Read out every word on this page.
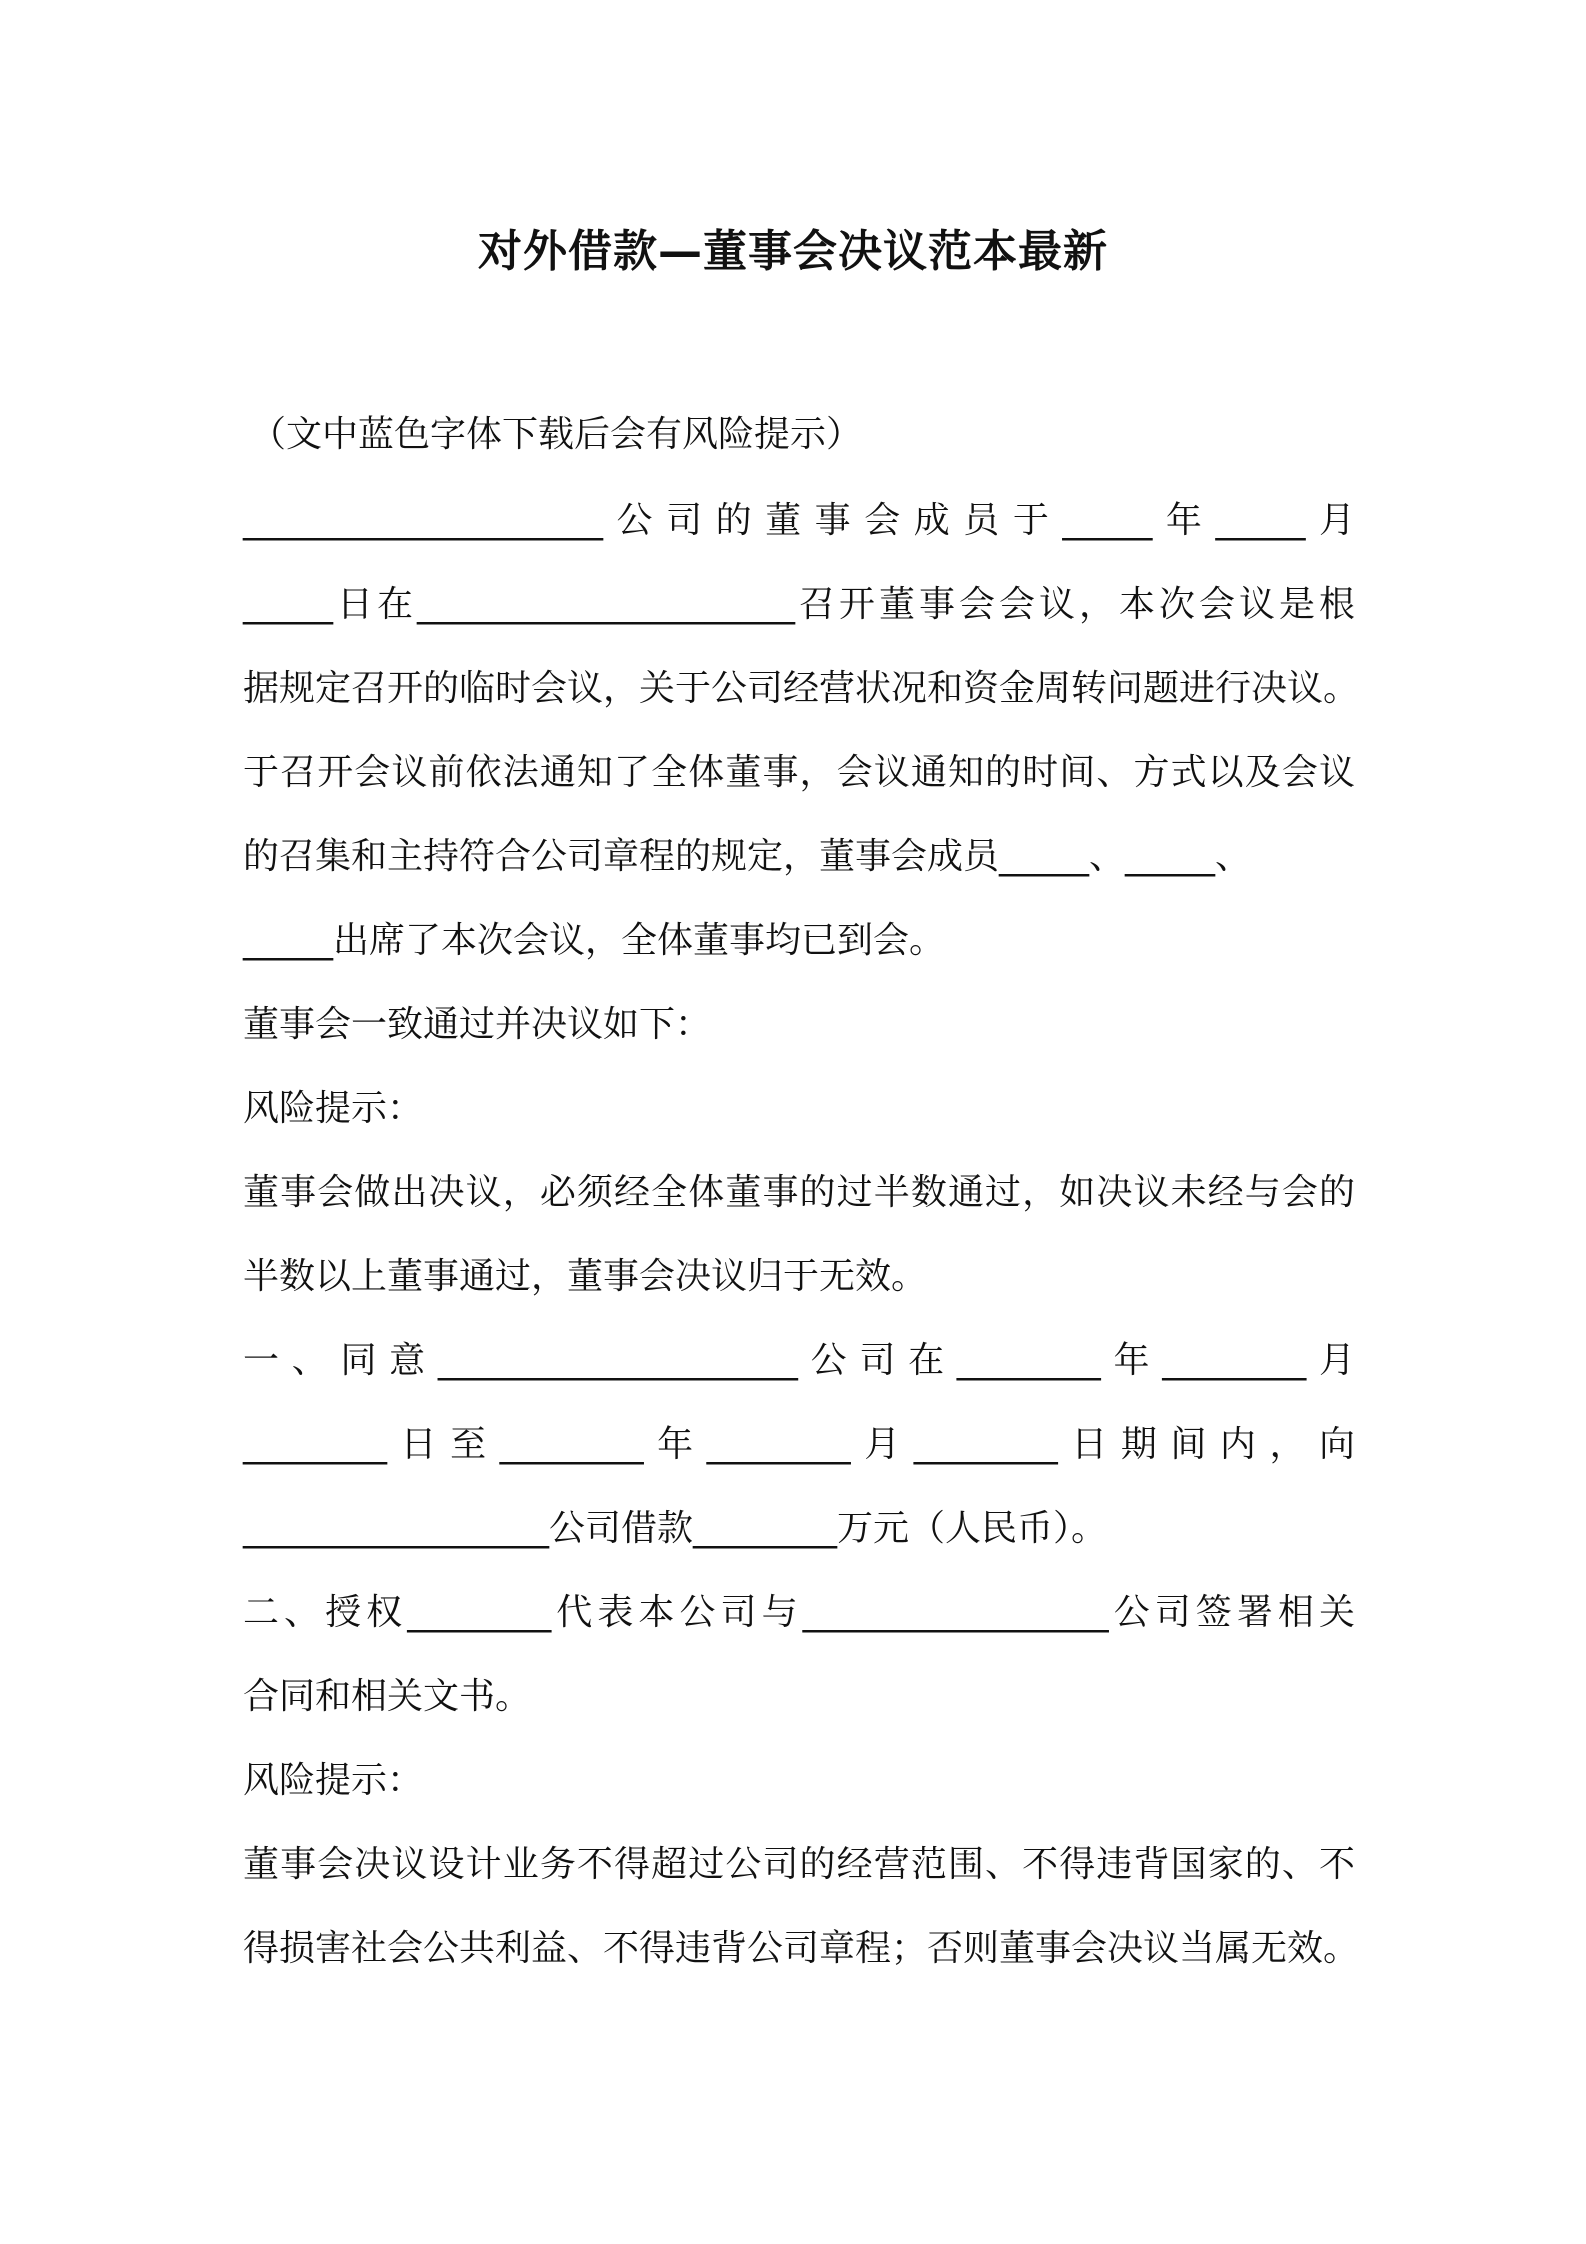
对外借款—董事会决议范本最新
（文中蓝色字体下载后会有风险提示）
____________________公司的董事会成员于_____年_____月
_____日在_____________________召开董事会会议，本次会议是根
据规定召开的临时会议，关于公司经营状况和资金周转问题进行决议。
于召开会议前依法通知了全体董事，会议通知的时间、方式以及会议
的召集和主持符合公司章程的规定，董事会成员_____、_____、
_____出席了本次会议，全体董事均已到会。
董事会一致通过并决议如下：
风险提示：
董事会做出决议，必须经全体董事的过半数通过，如决议未经与会的
半数以上董事通过，董事会决议归于无效。
一、同意____________________公司在________年________月
________日至________年________月________日期间内，向
_________________公司借款________万元（人民币）。
二、授权________代表本公司与_________________公司签署相关
合同和相关文书。
风险提示：
董事会决议设计业务不得超过公司的经营范围、不得违背国家的、不
得损害社会公共利益、不得违背公司章程；否则董事会决议当属无效。
